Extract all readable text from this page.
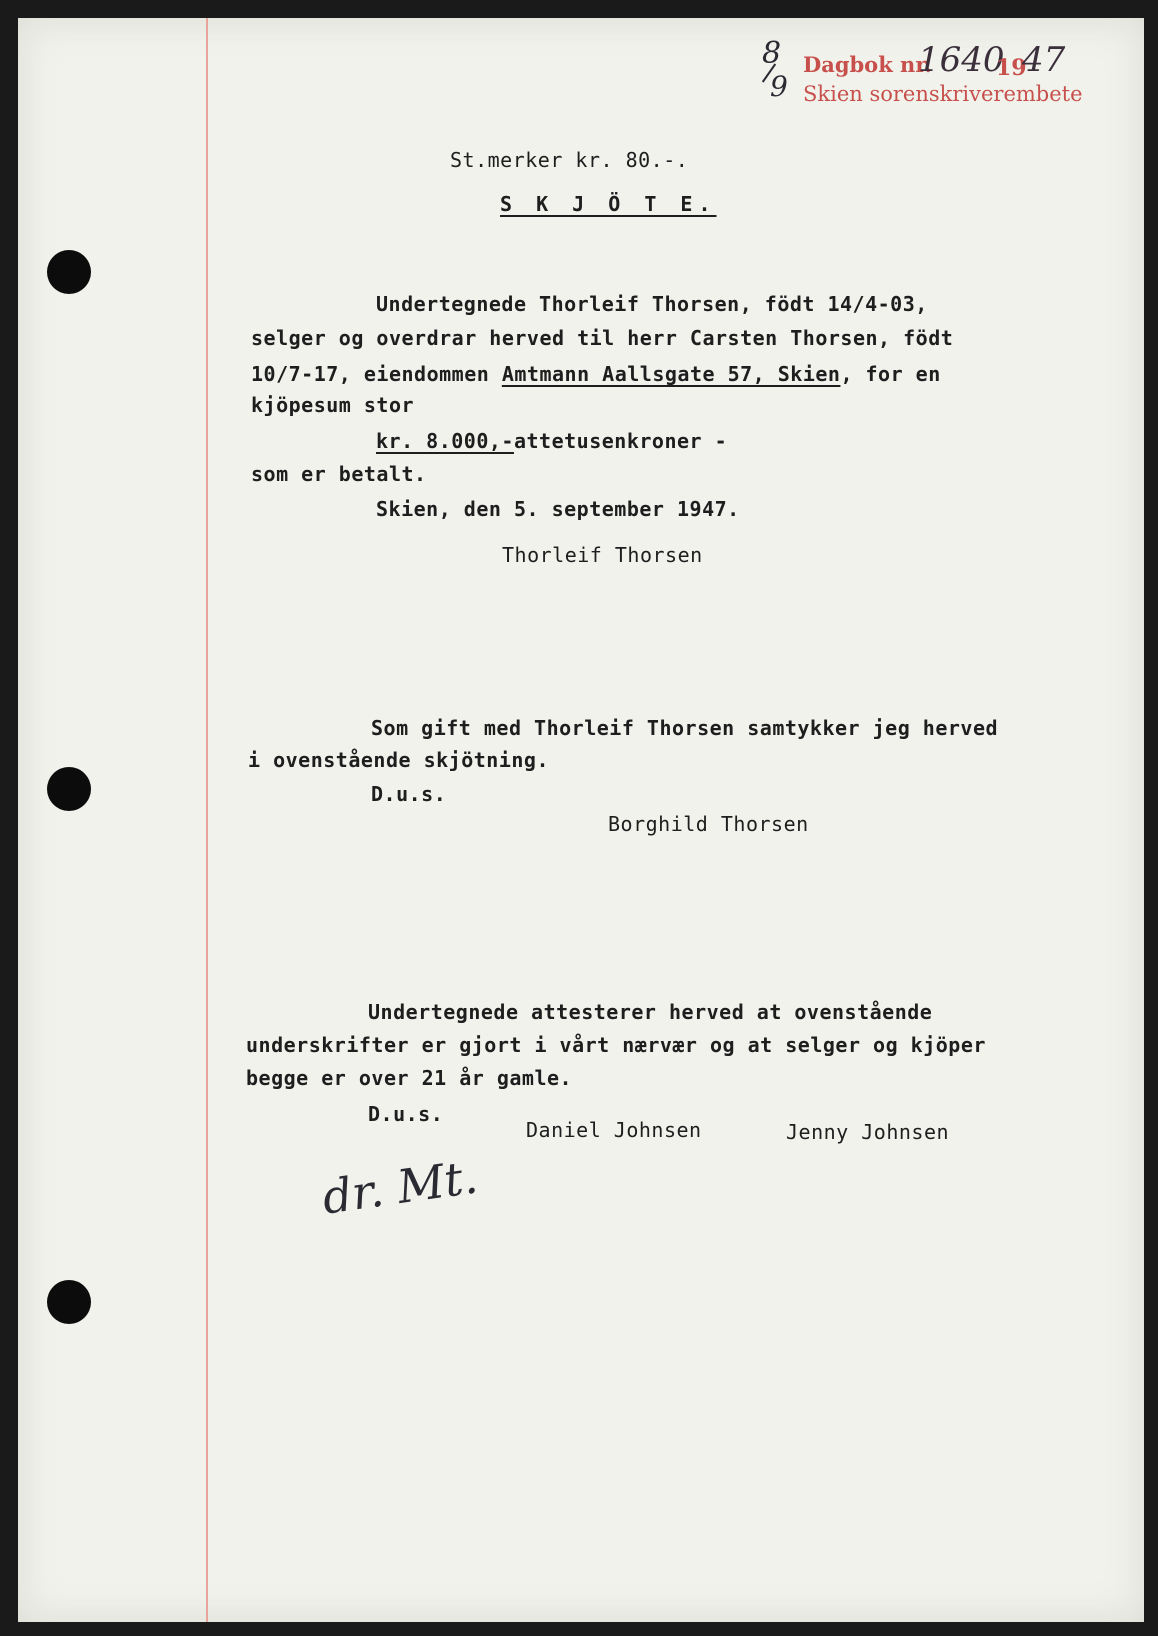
8
9
Dagbok nr.
1640
19
47
Skien sorenskriverembete
St.merker kr. 80.-.
S K J Ö T E.
Undertegnede Thorleif Thorsen, födt 14/4-03,
selger og overdrar herved til herr Carsten Thorsen, födt
10/7-17, eiendommen Amtmann Aallsgate 57, Skien, for en
kjöpesum stor
kr. 8.000,-attetusenkroner -
som er betalt.
Skien, den 5. september 1947.
Thorleif Thorsen
Som gift med Thorleif Thorsen samtykker jeg herved
i ovenstående skjötning.
D.u.s.
Borghild Thorsen
Undertegnede attesterer herved at ovenstående
underskrifter er gjort i vårt nærvær og at selger og kjöper
begge er over 21 år gamle.
D.u.s.
Daniel Johnsen	Jenny Johnsen
dr. Mt.
